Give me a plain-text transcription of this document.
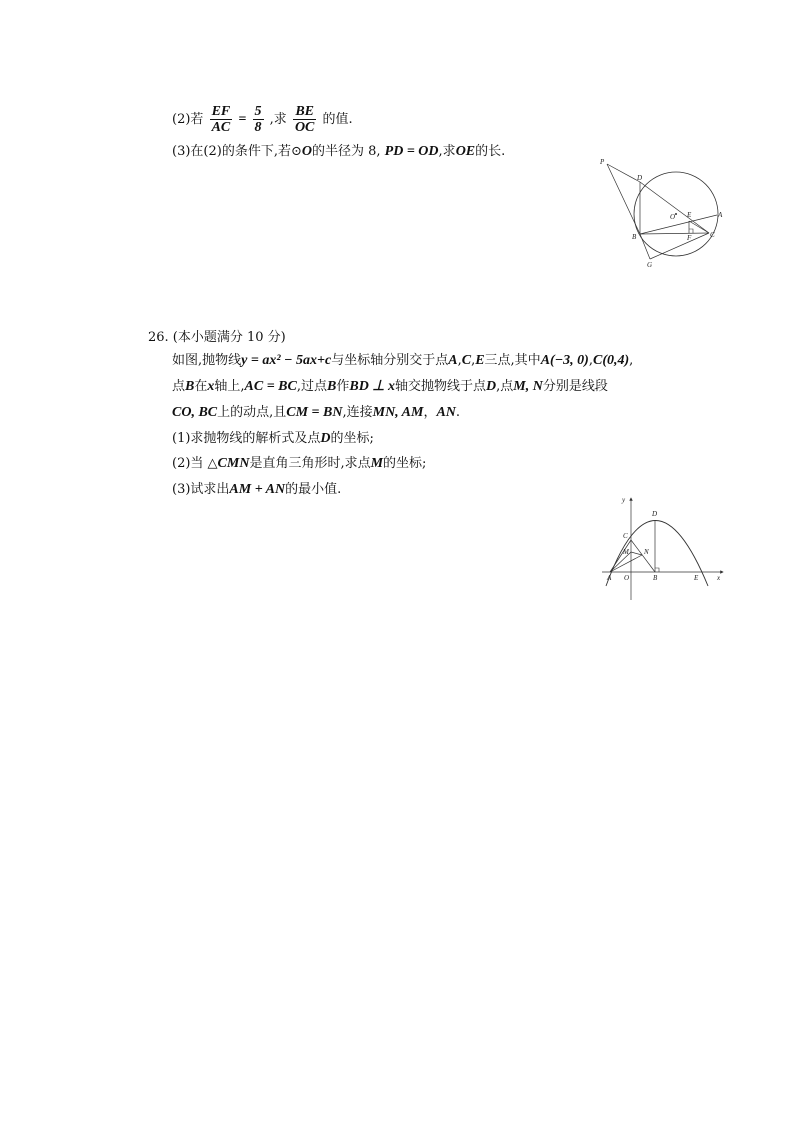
(2)若 $\frac{EF}{AC} = \frac{5}{8}$ ,求 $\frac{BE}{OC}$ 的值.
(3)在(2)的条件下,若⊙O的半径为 8, PD = OD,求OE的长.
P
D
O E	A
B	F	C
G
26. (本小题满分 10 分)
如图,抛物线y = ax² − 5ax+c与坐标轴分别交于点A,C,E三点,其中A(−3, 0),C(0,4),
点B在x轴上,AC = BC,过点B作BD ⊥ x轴交抛物线于点D,点M, N分别是线段
CO, BC上的动点,且CM = BN,连接MN, AM，AN.
(1)求抛物线的解析式及点D的坐标;
(2)当 △CMN是直角三角形时,求点M的坐标;
(3)试求出AM + AN的最小值.
y
D
C
M N
A O	B	E	x
